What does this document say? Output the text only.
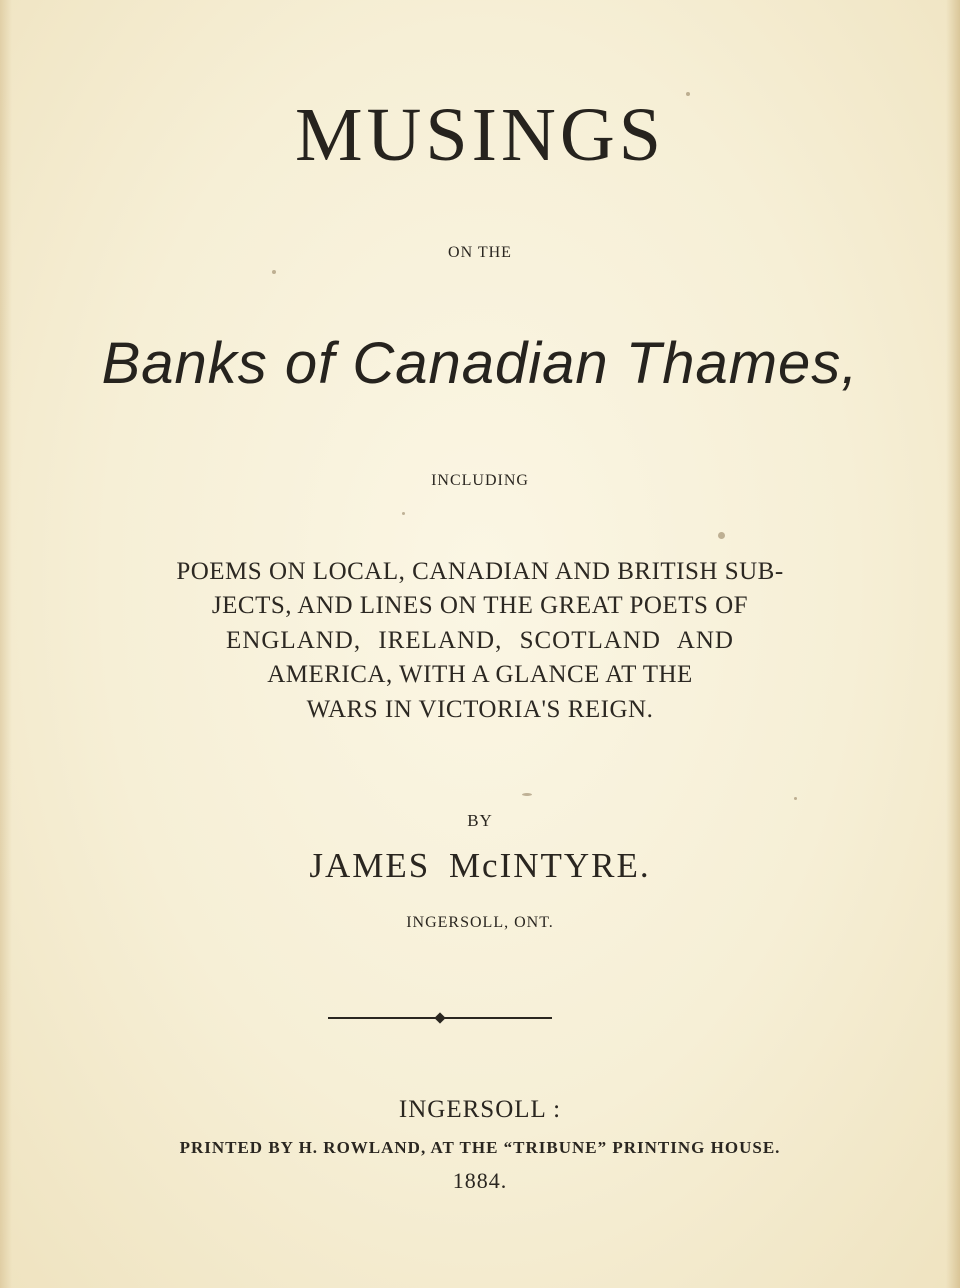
MUSINGS
ON THE
Banks of Canadian Thames,
INCLUDING
POEMS ON LOCAL, CANADIAN AND BRITISH SUB-
JECTS, AND LINES ON THE GREAT POETS OF
ENGLAND, IRELAND, SCOTLAND AND
AMERICA, WITH A GLANCE AT THE
WARS IN VICTORIA'S REIGN.
BY
JAMES McINTYRE.
INGERSOLL, ONT.
INGERSOLL :
PRINTED BY H. ROWLAND, AT THE “TRIBUNE” PRINTING HOUSE.
1884.
